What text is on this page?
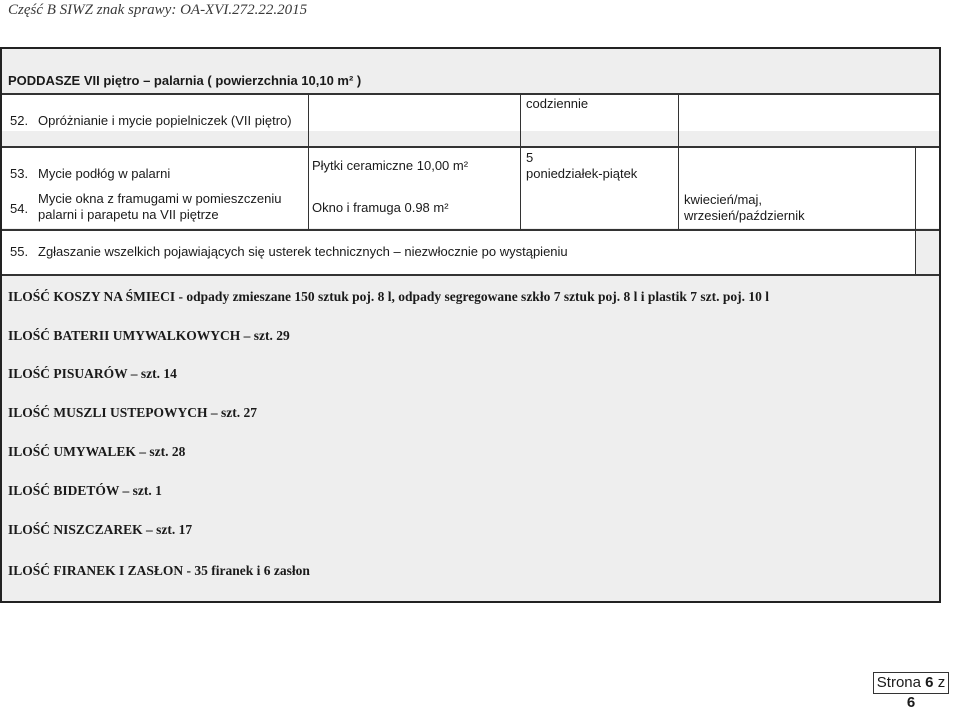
Część B SIWZ znak sprawy: OA-XVI.272.22.2015
PODDASZE VII piętro – palarnia ( powierzchnia 10,10 m² )
52. Opróżnianie i mycie popielniczek (VII piętro)
codziennie
53. Mycie podłóg w palarni
Płytki ceramiczne 10,00 m²
5
poniedziałek-piątek
54.
Mycie okna z framugami w pomieszczeniu
palarni i parapetu na VII piętrze	Okno i framuga 0.98 m²
kwiecień/maj,
wrzesień/październik
55. Zgłaszanie wszelkich pojawiających się usterek technicznych – niezwłocznie po wystąpieniu
ILOŚĆ KOSZY NA ŚMIECI - odpady zmieszane 150 sztuk poj. 8 l, odpady segregowane szkło 7 sztuk poj. 8 l i plastik 7 szt. poj. 10 l
ILOŚĆ BATERII UMYWALKOWYCH – szt. 29
ILOŚĆ PISUARÓW – szt. 14
ILOŚĆ MUSZLI USTEPOWYCH – szt. 27
ILOŚĆ UMYWALEK – szt. 28
ILOŚĆ BIDETÓW – szt. 1
ILOŚĆ NISZCZAREK – szt. 17
ILOŚĆ FIRANEK I ZASŁON - 35 firanek i 6 zasłon
Strona 6 z 6
